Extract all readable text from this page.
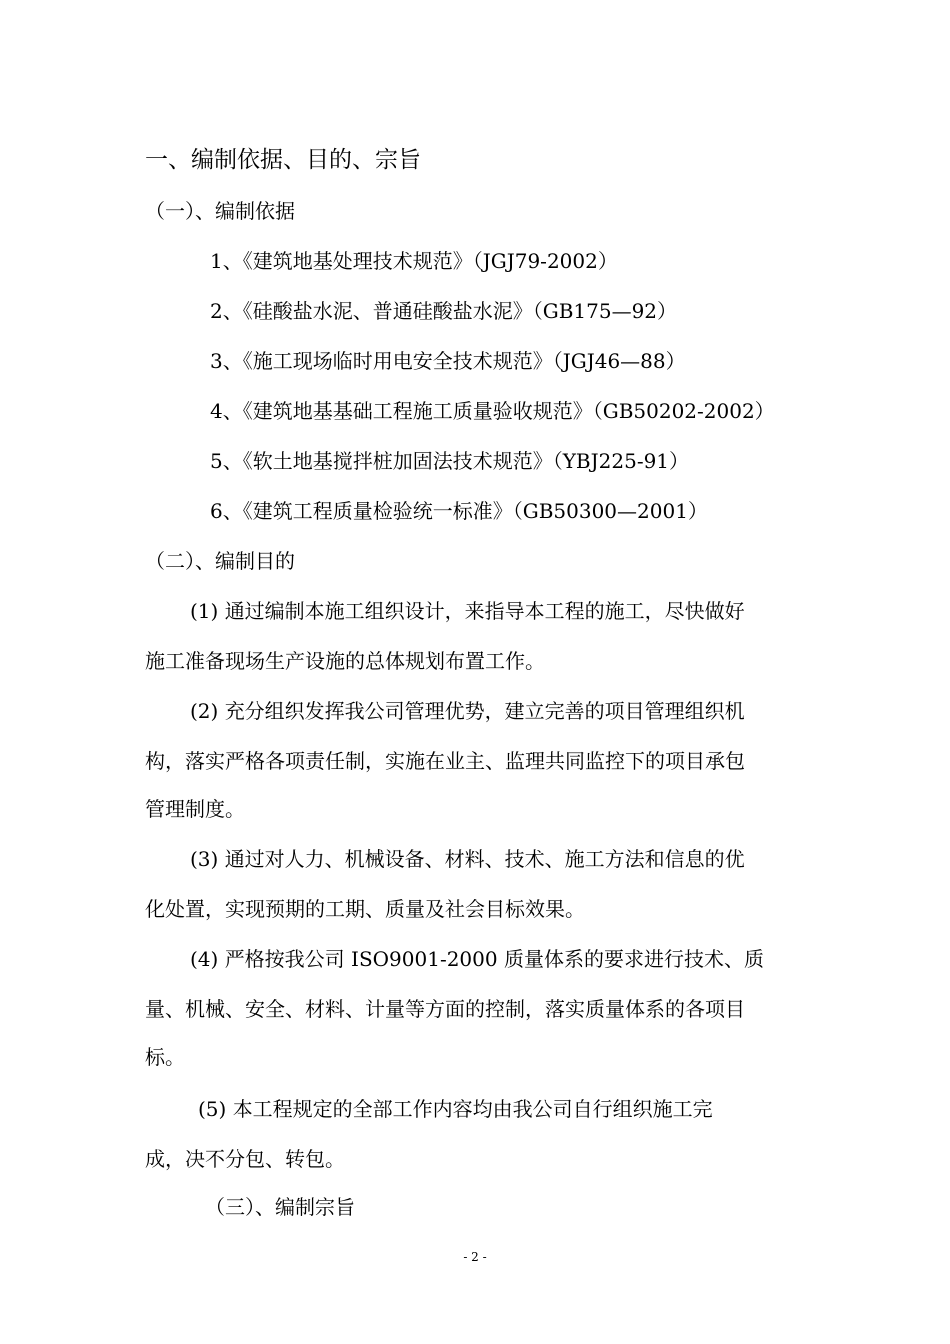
一、编制依据、目的、宗旨
（一）、编制依据
1、《建筑地基处理技术规范》（JGJ79-2002）
2、《硅酸盐水泥、普通硅酸盐水泥》（GB175—92）
3、《施工现场临时用电安全技术规范》（JGJ46—88）
4、《建筑地基基础工程施工质量验收规范》（GB50202-2002）
5、《软土地基搅拌桩加固法技术规范》（YBJ225-91）
6、《建筑工程质量检验统一标准》（GB50300—2001）
（二）、编制目的
(1) 通过编制本施工组织设计，来指导本工程的施工，尽快做好
施工准备现场生产设施的总体规划布置工作。
(2) 充分组织发挥我公司管理优势，建立完善的项目管理组织机
构，落实严格各项责任制，实施在业主、监理共同监控下的项目承包
管理制度。
(3) 通过对人力、机械设备、材料、技术、施工方法和信息的优
化处置，实现预期的工期、质量及社会目标效果。
(4) 严格按我公司 ISO9001-2000 质量体系的要求进行技术、质
量、机械、安全、材料、计量等方面的控制，落实质量体系的各项目
标。
(5) 本工程规定的全部工作内容均由我公司自行组织施工完
成，决不分包、转包。
（三）、编制宗旨
- 2 -
